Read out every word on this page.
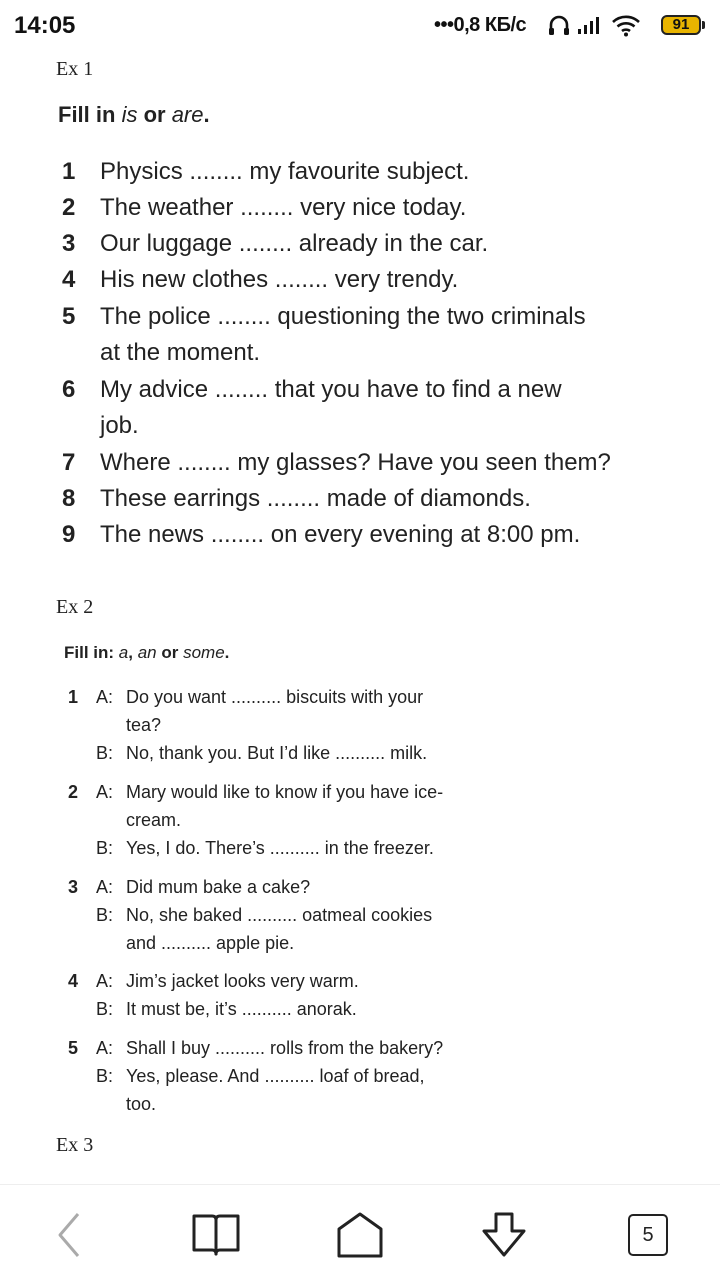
14:05	•••0,8 КБ/с	91
Ex 1
Fill in is or are.
1	Physics ........ my favourite subject.
2	The weather ........ very nice today.
3	Our luggage ........ already in the car.
4	His new clothes ........ very trendy.
5	The police ........ questioning the two criminals
at the moment.
6	My advice ........ that you have to find a new
job.
7	Where ........ my glasses? Have you seen them?
8	These earrings ........ made of diamonds.
9	The news ........ on every evening at 8:00 pm.
Ex 2
Fill in: a, an or some.
1 A: Do you want .......... biscuits with your
tea?
B: No, thank you. But I’d like .......... milk.
2 A: Mary would like to know if you have ice-
cream.
B: Yes, I do. There’s .......... in the freezer.
3 A: Did mum bake a cake?
B: No, she baked .......... oatmeal cookies
and .......... apple pie.
4 A: Jim’s jacket looks very warm.
B: It must be, it’s .......... anorak.
5 A: Shall I buy .......... rolls from the bakery?
B: Yes, please. And .......... loaf of bread,
too.
Ex 3
5
